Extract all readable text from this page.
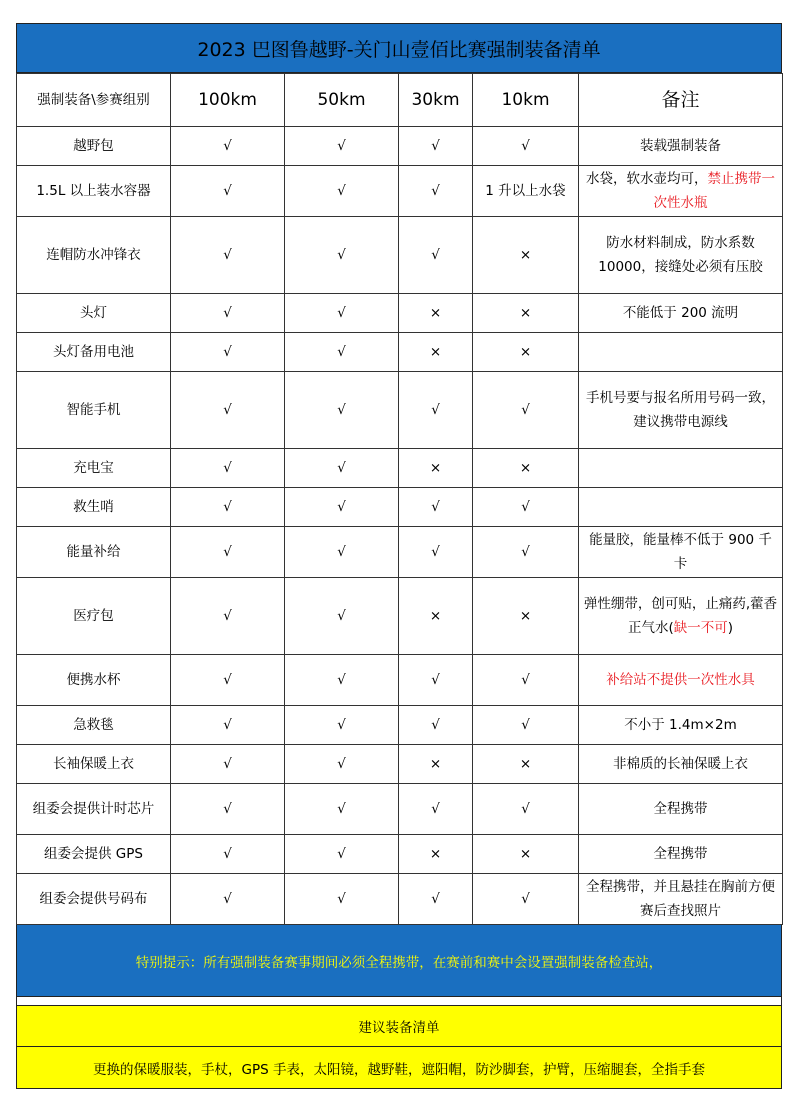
2023 巴图鲁越野-关门山壹佰比赛强制装备清单
强制装备\参赛组别	100km	50km	30km	10km	备注
越野包	√	√	√	√	装载强制装备
1.5L 以上装水容器	√	√	√	1 升以上水袋	水袋，软水壶均可，禁止携带一次性水瓶
连帽防水冲锋衣	√	√	√	×	防水材料制成，防水系数 10000，接缝处必须有压胶
头灯	√	√	×	×	不能低于 200 流明
头灯备用电池	√	√	×	×	
智能手机	√	√	√	√	手机号要与报名所用号码一致，建议携带电源线
充电宝	√	√	×	×	
救生哨	√	√	√	√	
能量补给	√	√	√	√	能量胶，能量棒不低于 900 千卡
医疗包	√	√	×	×	弹性绷带，创可贴，止痛药,藿香正气水(缺一不可)
便携水杯	√	√	√	√	补给站不提供一次性水具
急救毯	√	√	√	√	不小于 1.4m×2m
长袖保暖上衣	√	√	×	×	非棉质的长袖保暖上衣
组委会提供计时芯片	√	√	√	√	全程携带
组委会提供 GPS	√	√	×	×	全程携带
组委会提供号码布	√	√	√	√	全程携带，并且悬挂在胸前方便赛后查找照片
特别提示：所有强制装备赛事期间必须全程携带，在赛前和赛中会设置强制装备检查站，
建议装备清单
更换的保暖服装，手杖，GPS 手表，太阳镜，越野鞋，遮阳帽，防沙脚套，护臂，压缩腿套，全指手套
